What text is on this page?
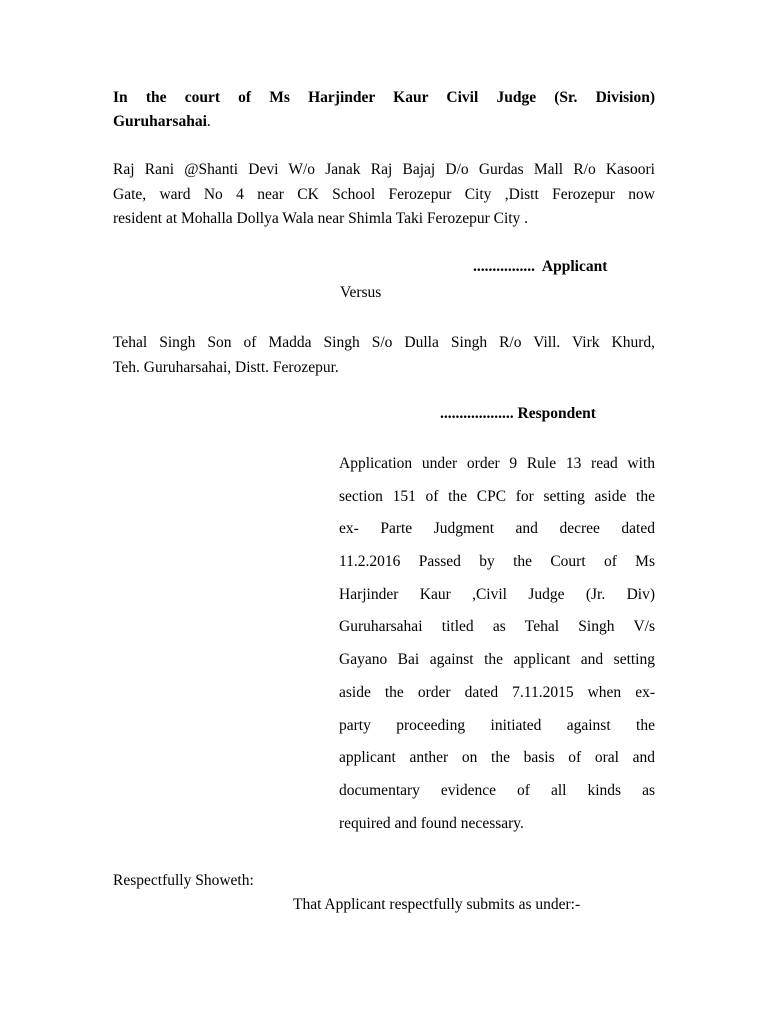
In the court of Ms Harjinder Kaur Civil Judge (Sr. Division)
Guruharsahai.
Raj Rani @Shanti Devi W/o Janak Raj Bajaj D/o Gurdas Mall R/o Kasoori
Gate, ward No 4 near CK School Ferozepur City ,Distt Ferozepur now
resident at Mohalla Dollya Wala near Shimla Taki Ferozepur City .
................  Applicant
Versus
Tehal Singh Son of Madda Singh S/o Dulla Singh R/o Vill. Virk Khurd,
Teh. Guruharsahai, Distt. Ferozepur.
................... Respondent
Application under order 9 Rule 13 read with
section 151 of the CPC for setting aside the
ex- Parte Judgment and decree dated
11.2.2016 Passed by the Court of Ms
Harjinder Kaur ,Civil Judge (Jr. Div)
Guruharsahai titled as Tehal Singh V/s
Gayano Bai against the applicant and setting
aside the order dated 7.11.2015 when ex-
party proceeding initiated against the
applicant anther on the basis of oral and
documentary evidence of all kinds as
required and found necessary.
Respectfully Showeth:
That Applicant respectfully submits as under:-
